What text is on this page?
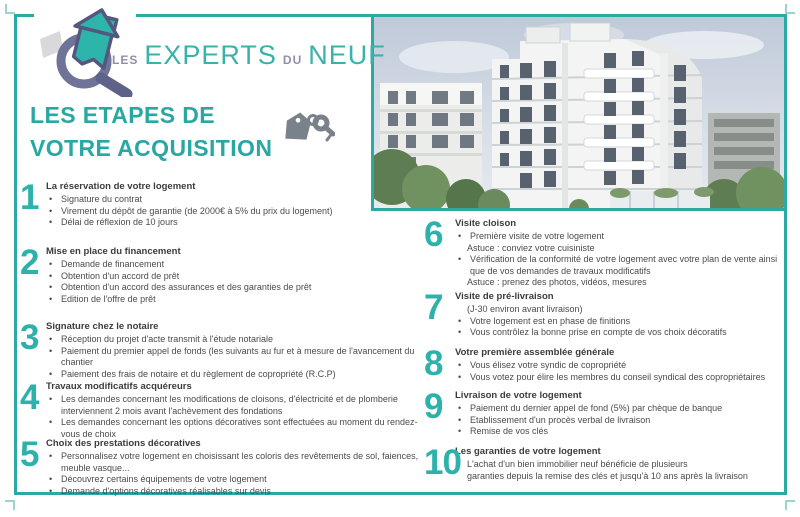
LES EXPERTS DU NEUF
LES ETAPES DE
VOTRE ACQUISITION
1 La réservation de votre logement
• Signature du contrat
• Virement du dépôt de garantie (de 2000€ à 5% du prix du logement)
• Délai de réflexion de 10 jours
2 Mise en place du financement
• Demande de financement
• Obtention d'un accord de prêt
• Obtention d'un accord des assurances et des garanties de prêt
• Edition de l'offre de prêt
3 Signature chez le notaire
• Réception du projet d'acte transmit à l'étude notariale
• Paiement du premier appel de fonds (les suivants au fur et à mesure de l'avancement du chantier
• Paiement des frais de notaire et du règlement de copropriété (R.C.P)
4 Travaux modificatifs acquéreurs
• Les demandes concernant les modifications de cloisons, d'électricité et de plomberie interviennent 2 mois avant l'achèvement des fondations
• Les demandes concernant les options décoratives sont effectuées au moment du rendez-vous de choix
5 Choix des prestations décoratives
• Personnalisez votre logement en choisissant les coloris des revêtements de sol, faiences, meuble vasque...
• Découvrez certains équipements de votre logement
• Demande d'options décoratives réalisables sur devis
6 Visite cloison
• Première visite de votre logement
Astuce : conviez votre cuisiniste
• Vérification de la conformité de votre logement avec votre plan de vente ainsi que de vos demandes de travaux modificatifs
Astuce : prenez des photos, vidéos, mesures
7 Visite de pré-livraison
(J-30 environ avant livraison)
• Votre logement est en phase de finitions
• Vous contrôlez la bonne prise en compte de vos choix décoratifs
8 Votre première assemblée générale
• Vous élisez votre syndic de copropriété
• Vous votez pour élire les membres du conseil syndical des copropriétaires
9 Livraison de votre logement
• Paiement du dernier appel de fond (5%) par chèque de banque
• Etablissement d'un procès verbal de livraison
• Remise de vos clés
10
Les garanties de votre logement
L'achat d'un bien immobilier neuf bénéficie de plusieurs
garanties depuis la remise des clés et jusqu'à 10 ans après la livraison
